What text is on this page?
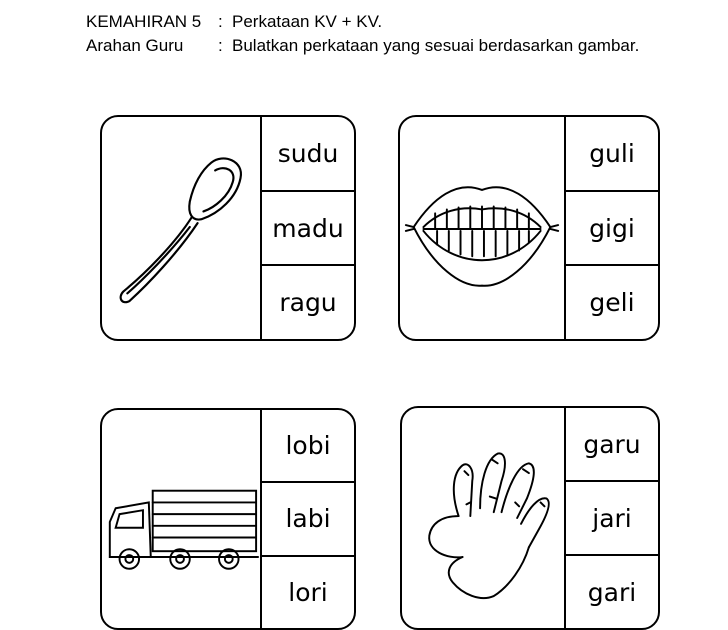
KEMAHIRAN 5 : Perkataan KV + KV.
Arahan Guru	: Bulatkan perkataan yang sesuai berdasarkan gambar.
sudu
madu
ragu
guli
gigi
geli
lobi
labi
lori
garu
jari
gari
